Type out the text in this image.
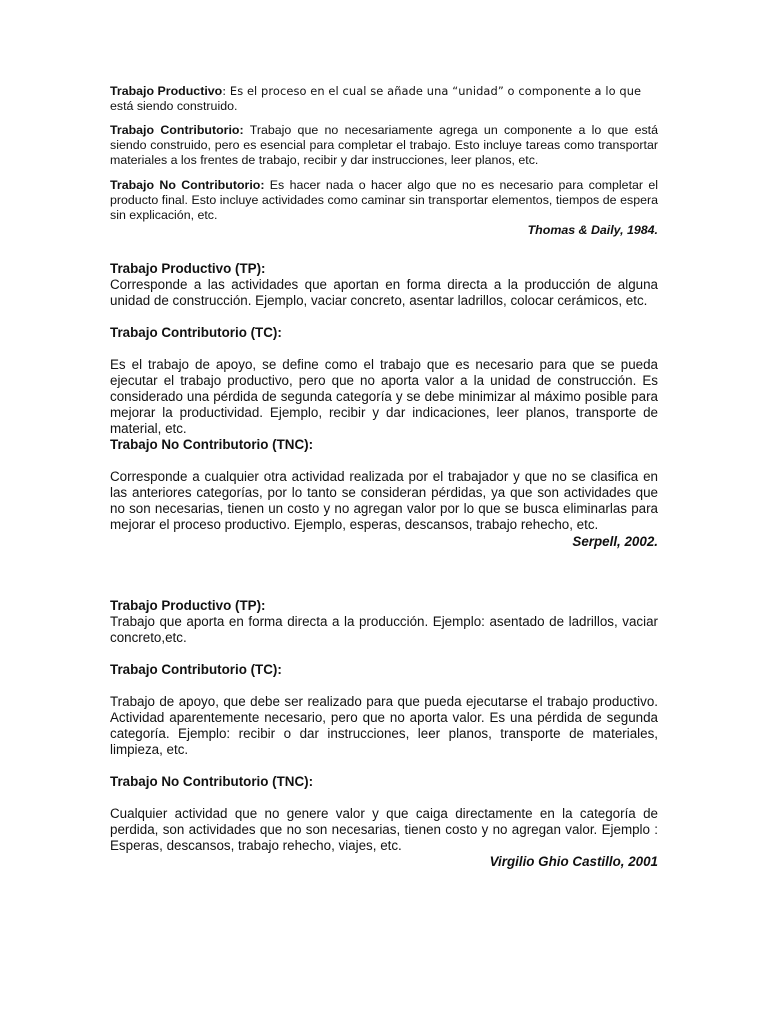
Trabajo Productivo: Es el proceso en el cual se añade una “unidad” o componente a lo que
está siendo construido.

Trabajo Contributorio: Trabajo que no necesariamente agrega un componente a lo que está siendo construido, pero es esencial para completar el trabajo. Esto incluye tareas como transportar materiales a los frentes de trabajo, recibir y dar instrucciones, leer planos, etc.

Trabajo No Contributorio: Es hacer nada o hacer algo que no es necesario para completar el producto final. Esto incluye actividades como caminar sin transportar elementos, tiempos de espera sin explicación, etc.

Thomas & Daily, 1984.

Trabajo Productivo (TP):

Corresponde a las actividades que aportan en forma directa a la producción de alguna unidad de construcción. Ejemplo, vaciar concreto, asentar ladrillos, colocar cerámicos, etc.

Trabajo Contributorio (TC):

Es el trabajo de apoyo, se define como el trabajo que es necesario para que se pueda ejecutar el trabajo productivo, pero que no aporta valor a la unidad de construcción. Es considerado una pérdida de segunda categoría y se debe minimizar al máximo posible para mejorar la productividad. Ejemplo, recibir y dar indicaciones, leer planos, transporte de material, etc.

Trabajo No Contributorio (TNC):

Corresponde a cualquier otra actividad realizada por el trabajador y que no se clasifica en las anteriores categorías, por lo tanto se consideran pérdidas, ya que son actividades que no son necesarias, tienen un costo y no agregan valor por lo que se busca eliminarlas para mejorar el proceso productivo. Ejemplo, esperas, descansos, trabajo rehecho, etc.

Serpell, 2002.

Trabajo Productivo (TP):

Trabajo que aporta en forma directa a la producción. Ejemplo: asentado de ladrillos, vaciar concreto,etc.

Trabajo Contributorio (TC):

Trabajo de apoyo, que debe ser realizado para que pueda ejecutarse el trabajo productivo. Actividad aparentemente necesario, pero que no aporta valor. Es una pérdida de segunda categoría. Ejemplo: recibir o dar instrucciones, leer planos, transporte de materiales, limpieza, etc.

Trabajo No Contributorio (TNC):

Cualquier actividad que no genere valor y que caiga directamente en la categoría de perdida, son actividades que no son necesarias, tienen costo y no agregan valor. Ejemplo : Esperas, descansos, trabajo rehecho, viajes, etc.

Virgilio Ghio Castillo, 2001
